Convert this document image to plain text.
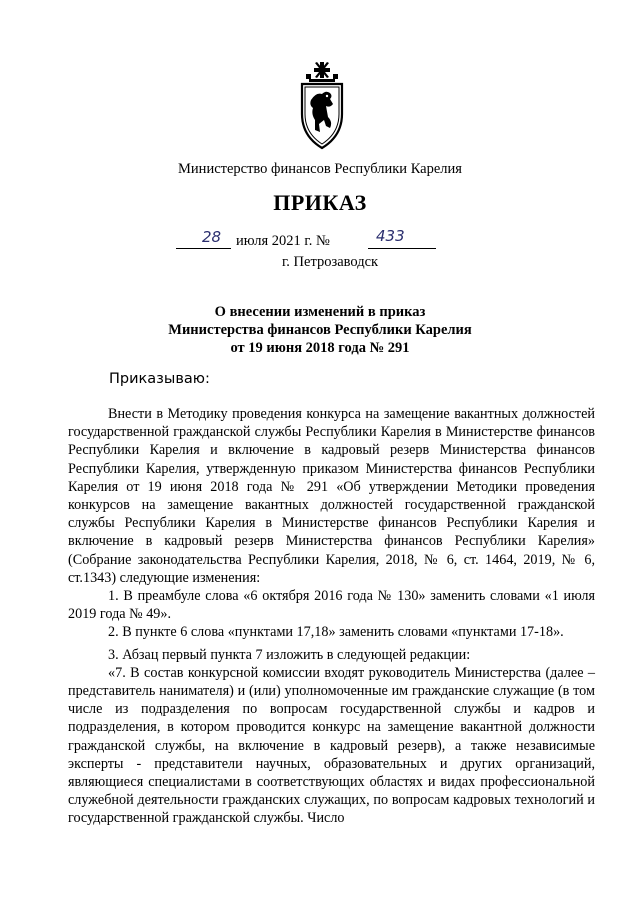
Министерство финансов Республики Карелия
ПРИКАЗ
28 июля 2021 г. №	433
г. Петрозаводск
О внесении изменений в приказ
Министерства финансов Республики Карелия
от 19 июня 2018 года № 291
Приказываю:

Внести в Методику проведения конкурса на замещение вакантных должностей государственной гражданской службы Республики Карелия в Министерстве финансов Республики Карелия и включение в кадровый резерв Министерства финансов Республики Карелия, утвержденную приказом Министерства финансов Республики Карелия от 19 июня 2018 года № 291 «Об утверждении Методики проведения конкурсов на замещение вакантных должностей государственной гражданской службы Республики Карелия в Министерстве финансов Республики Карелия и включение в кадровый резерв Министерства финансов Республики Карелия» (Собрание законодательства Республики Карелия, 2018, № 6, ст. 1464, 2019, № 6, ст.1343) следующие изменения:

1. В преамбуле слова «6 октября 2016 года № 130» заменить словами «1 июля 2019 года № 49».

2. В пункте 6 слова «пунктами 17,18» заменить словами «пунктами 17-18».

3. Абзац первый пункта 7 изложить в следующей редакции:

«7. В состав конкурсной комиссии входят руководитель Министерства (далее – представитель нанимателя) и (или) уполномоченные им гражданские служащие (в том числе из подразделения по вопросам государственной службы и кадров и подразделения, в котором проводится конкурс на замещение вакантной должности гражданской службы, на включение в кадровый резерв), а также независимые эксперты - представители научных, образовательных и других организаций, являющиеся специалистами в соответствующих областях и видах профессиональной служебной деятельности гражданских служащих, по вопросам кадровых технологий и государственной гражданской службы. Число
